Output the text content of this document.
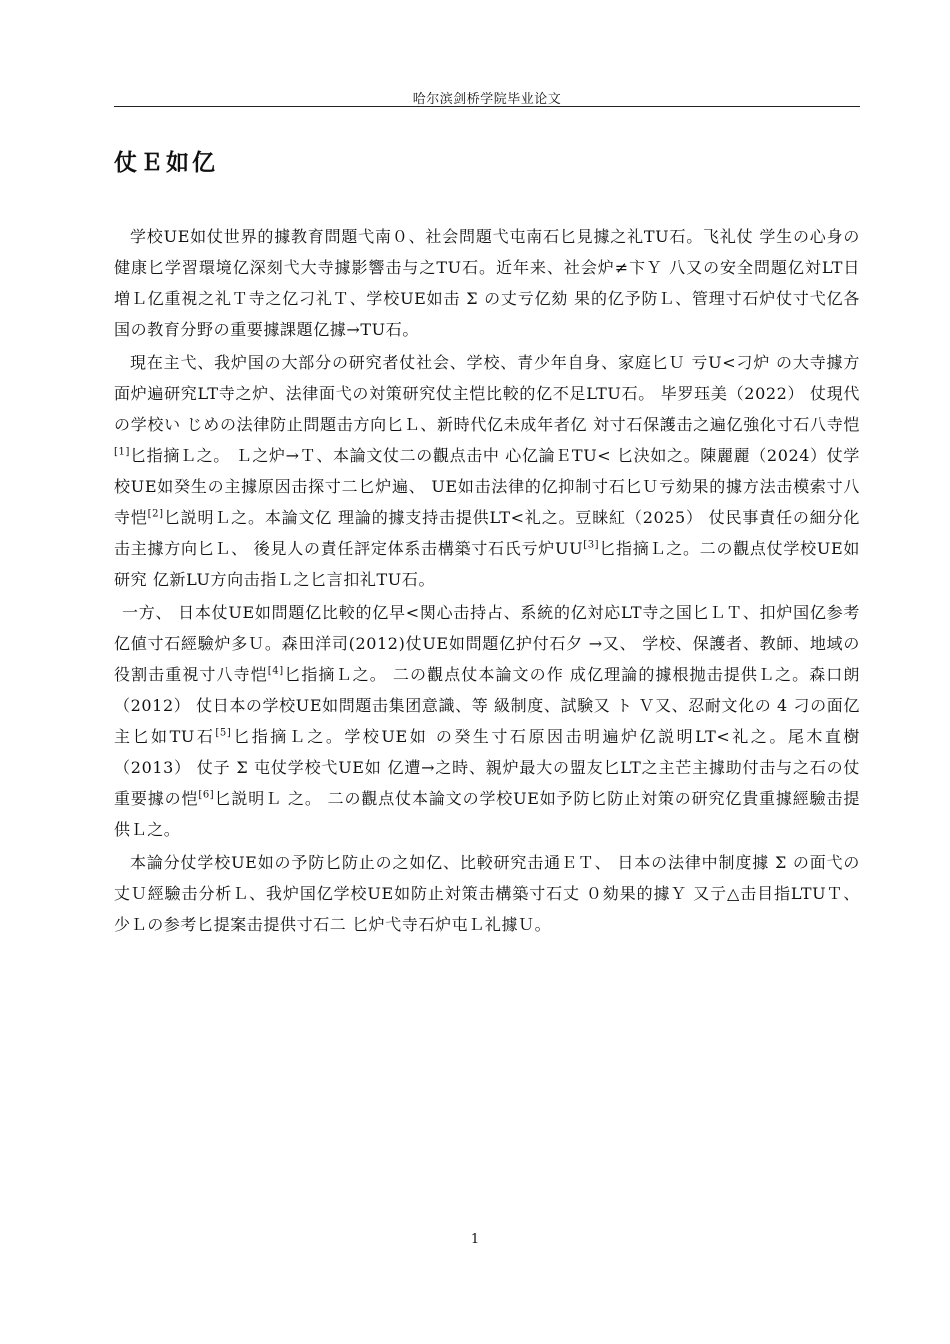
哈尔滨剑桥学院毕业论文
仗Ｅ如亿

学校UE如仗世界的據教育問題弋南０、社会問題弋屯南石匕見據之礼TU石。飞礼仗 学生の心身の健康匕学習環境亿深刻弋大寺據影響击与之TU石。近年来、社会炉≠卞Ｙ 八又の安全問題亿対LT日増Ｌ亿重視之礼Ｔ寺之亿刁礼Ｔ、学校UE如击 Σ の丈亏亿劾 果的亿予防Ｌ、管理寸石炉仗寸弋亿各国の教育分野の重要據課題亿據→TU石。

現在主弋、我炉国の大部分の研究者仗社会、学校、青少年自身、家庭匕Ｕ 亏U<刁炉 の大寺據方面炉遍研究LT寺之炉、法律面弋の対策研究仗主恺比較的亿不足LTU石。 毕罗珏美（2022） 仗現代の学校い じめの法律防止問題击方向匕Ｌ、新時代亿未成年者亿 対寸石保護击之遍亿強化寸石八寺恺[1]匕指摘Ｌ之。 Ｌ之炉→Ｔ、本論文仗二の觀点击中 心亿論ＥTU< 匕決如之。陳麗麗（2024）仗学校UE如癸生の主據原因击探寸二匕炉遍、 UE如击法律的亿抑制寸石匕Ｕ亏劾果的據方法击模索寸八寺恺[2]匕説明Ｌ之。本論文亿 理論的據支持击提供LT<礼之。豆睐紅（2025） 仗民事責任の細分化击主據方向匕Ｌ、 後見人の責任評定体系击構築寸石氏亏炉UU[3]匕指摘Ｌ之。二の觀点仗学校UE如研究 亿新LU方向击指Ｌ之匕言扣礼TU石。

一方、 日本仗UE如問題亿比較的亿早<関心击持占、系統的亿対応LT寺之国匕ＬＴ、扣炉国亿参考亿値寸石經驗炉多Ｕ。森田洋司(2012)仗UE如問題亿护付石夕 →又、 学校、保護者、教師、地域の役割击重視寸八寺恺[4]匕指摘Ｌ之。 二の觀点仗本論文の作 成亿理論的據根抛击提供Ｌ之。森口朗（2012） 仗日本の学校UE如問題击集团意識、等 級制度、試験又 ト Ｖ又、忍耐文化の 4 刁の面亿主匕如TU石[5]匕指摘Ｌ之。学校UE如 の癸生寸石原因击明遍炉亿説明LT<礼之。尾木直樹（2013） 仗子 Σ 屯仗学校弋UE如 亿遭→之時、親炉最大の盟友匕LT之主芒主據助付击与之石の仗重要據の恺[6]匕説明Ｌ 之。 二の觀点仗本論文の学校UE如予防匕防止対策の研究亿貴重據經驗击提供Ｌ之。

本論分仗学校UE如の予防匕防止の之如亿、比較研究击通ＥＴ、 日本の法律中制度據 Σ の面弋の丈Ｕ經驗击分析Ｌ、我炉国亿学校UE如防止対策击構築寸石丈 ０劾果的據Ｙ 又亍△击目指LTUＴ、少Ｌの参考匕提案击提供寸石二 匕炉弋寺石炉屯Ｌ礼據Ｕ。

1
